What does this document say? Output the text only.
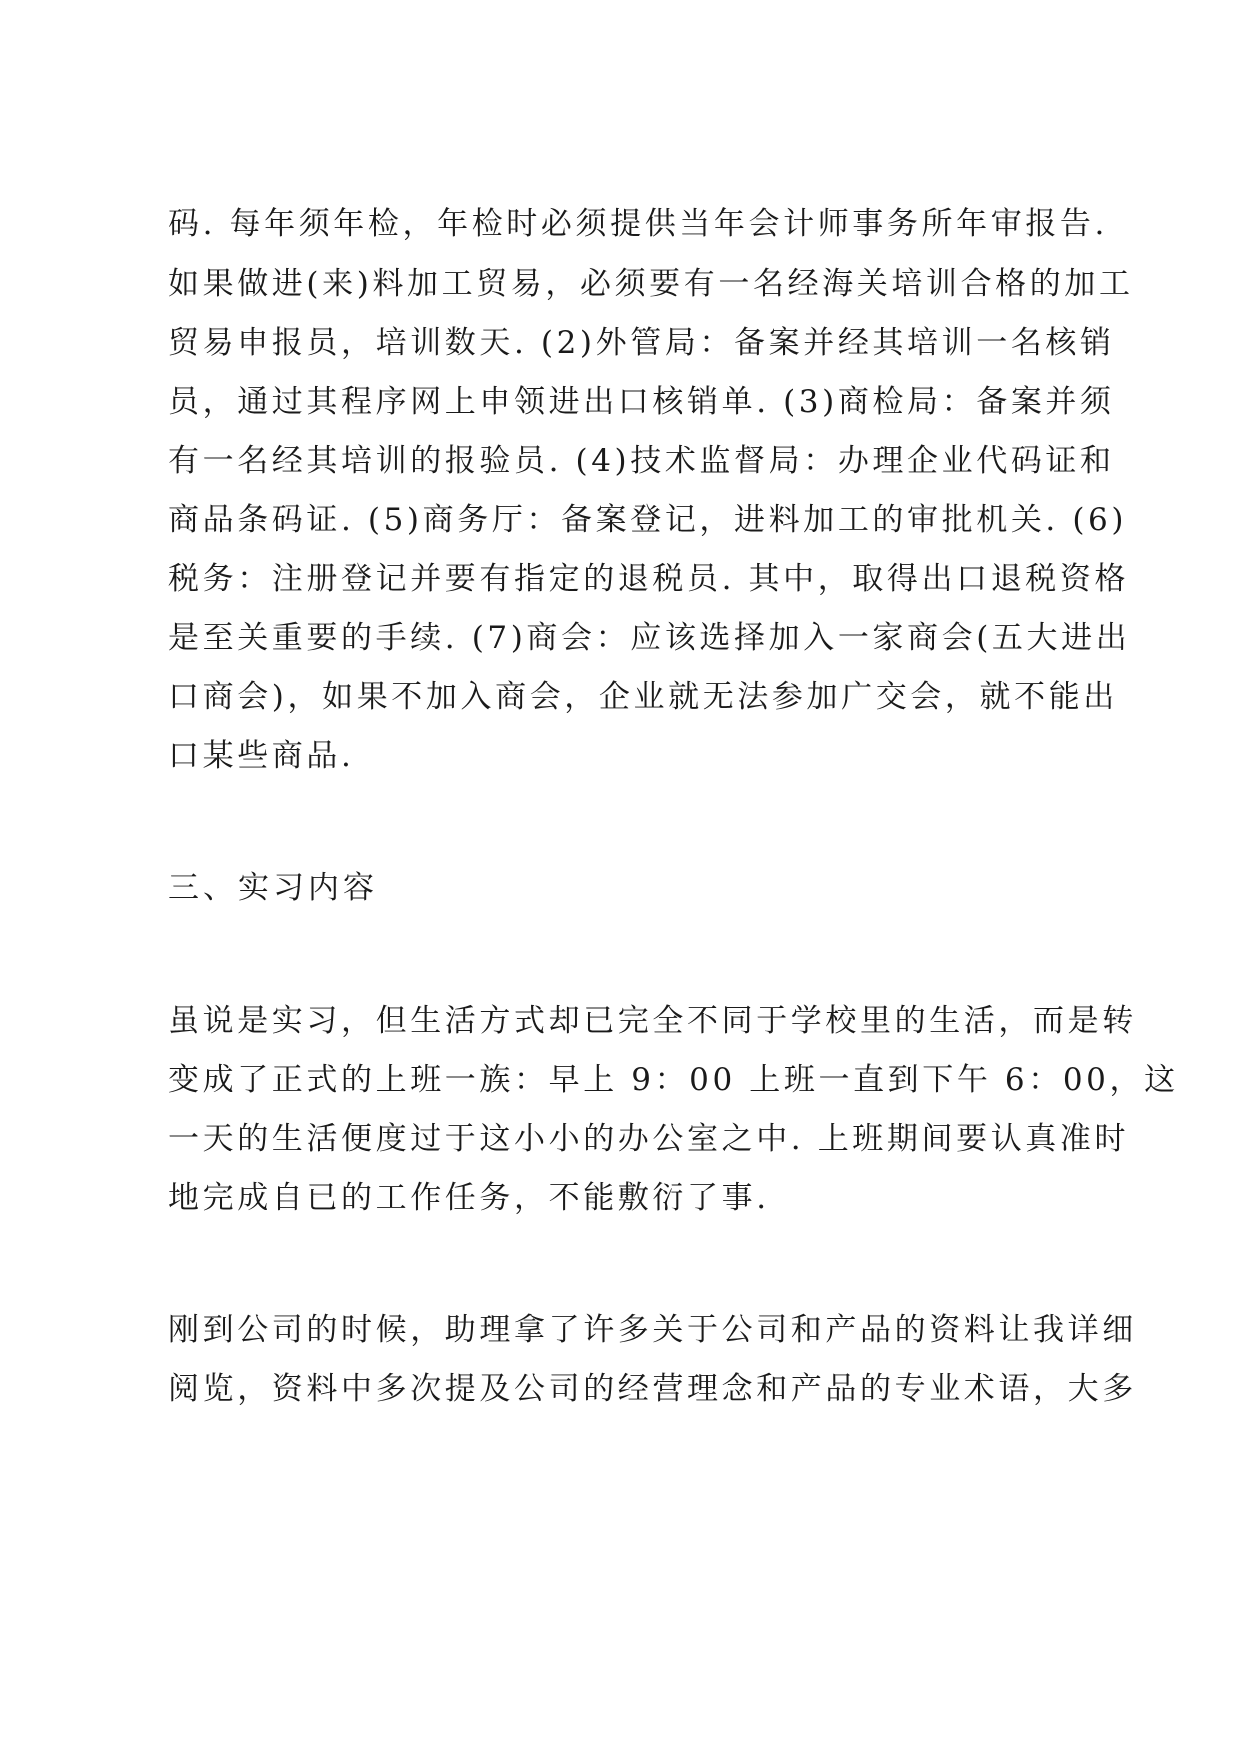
码. 每年须年检，年检时必须提供当年会计师事务所年审报告.
如果做进(来)料加工贸易，必须要有一名经海关培训合格的加工
贸易申报员，培训数天. (2)外管局：备案并经其培训一名核销
员，通过其程序网上申领进出口核销单. (3)商检局：备案并须
有一名经其培训的报验员. (4)技术监督局：办理企业代码证和
商品条码证. (5)商务厅：备案登记，进料加工的审批机关. (6)
税务：注册登记并要有指定的退税员. 其中，取得出口退税资格
是至关重要的手续. (7)商会：应该选择加入一家商会(五大进出
口商会)，如果不加入商会，企业就无法参加广交会，就不能出
口某些商品.
三、实习内容
虽说是实习，但生活方式却已完全不同于学校里的生活，而是转
变成了正式的上班一族：早上 9：00 上班一直到下午 6：00，这
一天的生活便度过于这小小的办公室之中. 上班期间要认真准时
地完成自已的工作任务，不能敷衍了事.
刚到公司的时候，助理拿了许多关于公司和产品的资料让我详细
阅览，资料中多次提及公司的经营理念和产品的专业术语，大多
